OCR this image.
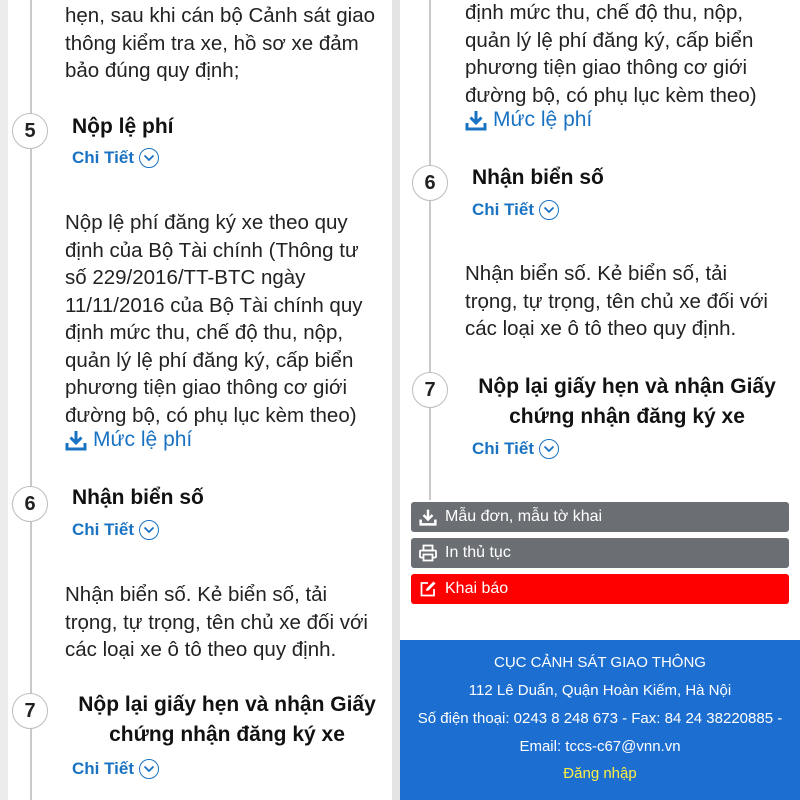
hẹn, sau khi cán bộ Cảnh sát giao
thông kiểm tra xe, hồ sơ xe đảm
bảo đúng quy định;
5	Nộp lệ phí
Chi Tiết
Nộp lệ phí đăng ký xe theo quy
định của Bộ Tài chính (Thông tư
số 229/2016/TT-BTC ngày
11/11/2016 của Bộ Tài chính quy
định mức thu, chế độ thu, nộp,
quản lý lệ phí đăng ký, cấp biển
phương tiện giao thông cơ giới
đường bộ, có phụ lục kèm theo)
Mức lệ phí
6	Nhận biển số
Chi Tiết
Nhận biển số. Kẻ biển số, tải
trọng, tự trọng, tên chủ xe đối với
các loại xe ô tô theo quy định.
7	Nộp lại giấy hẹn và nhận Giấy
chứng nhận đăng ký xe
Chi Tiết
định mức thu, chế độ thu, nộp,
quản lý lệ phí đăng ký, cấp biển
phương tiện giao thông cơ giới
đường bộ, có phụ lục kèm theo)
Mức lệ phí
6	Nhận biển số
Chi Tiết
Nhận biển số. Kẻ biển số, tải
trọng, tự trọng, tên chủ xe đối với
các loại xe ô tô theo quy định.
7	Nộp lại giấy hẹn và nhận Giấy
chứng nhận đăng ký xe
Chi Tiết
Mẫu đơn, mẫu tờ khai
In thủ tục
Khai báo
CỤC CẢNH SÁT GIAO THÔNG
112 Lê Duẩn, Quận Hoàn Kiếm, Hà Nội
Số điện thoại: 0243 8 248 673 - Fax: 84 24 38220885 -
Email: tccs-c67@vnn.vn
Đăng nhập
